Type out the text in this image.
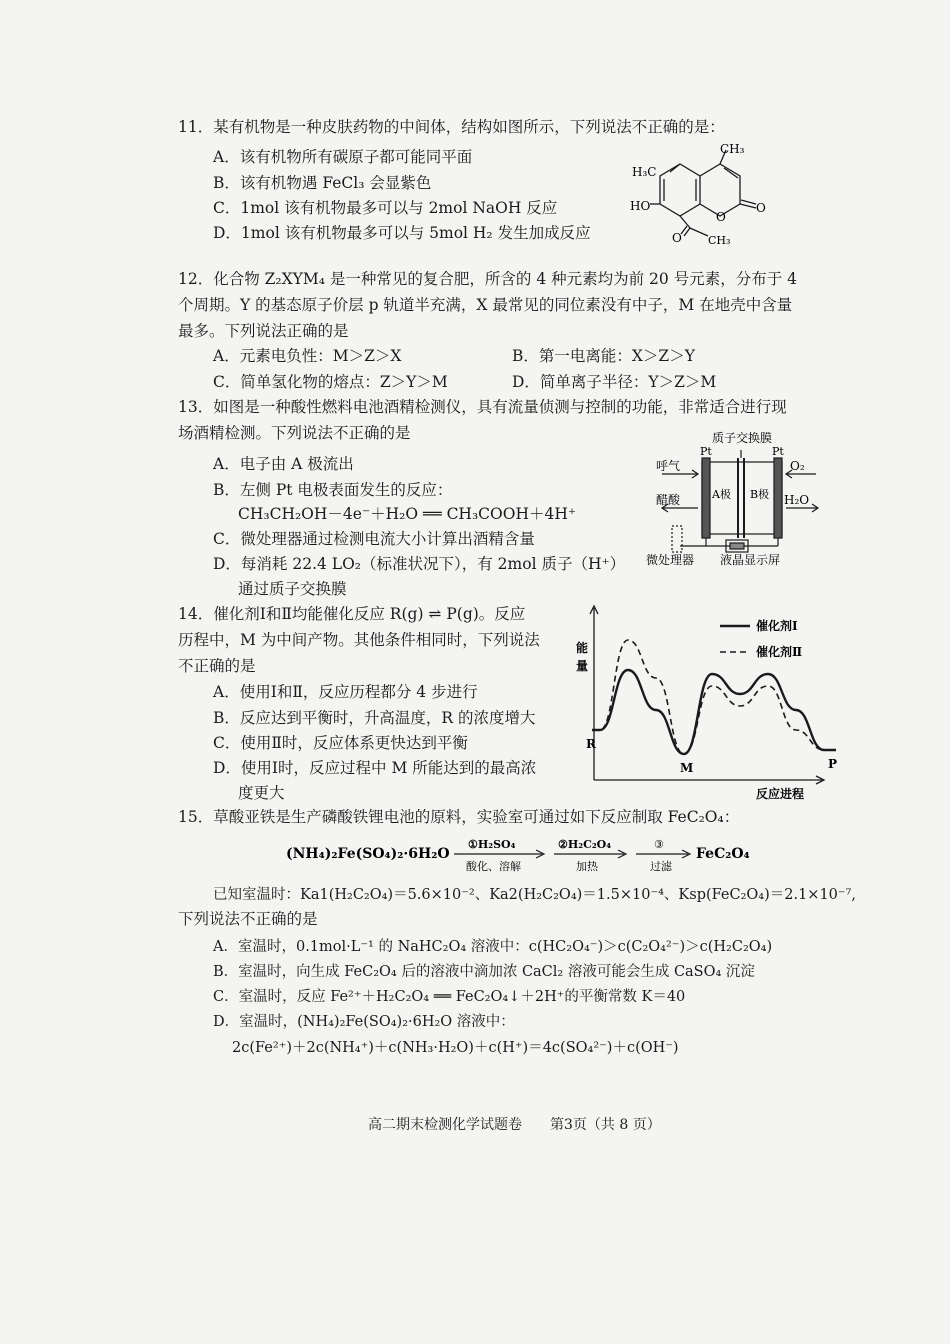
11．某有机物是一种皮肤药物的中间体，结构如图所示，下列说法不正确的是：
A．该有机物所有碳原子都可能同平面
B．该有机物遇 FeCl₃ 会显紫色
C．1mol 该有机物最多可以与 2mol NaOH 反应
D．1mol 该有机物最多可以与 5mol H₂ 发生加成反应
CH₃
H₃C
HO
O
O
O CH₃
12．化合物 Z₂XYM₄ 是一种常见的复合肥，所含的 4 种元素均为前 20 号元素，分布于 4
个周期。Y 的基态原子价层 p 轨道半充满，X 最常见的同位素没有中子，M 在地壳中含量
最多。下列说法正确的是
A．元素电负性：M＞Z＞X	B．第一电离能：X＞Z＞Y
C．简单氢化物的熔点：Z＞Y＞M	D．简单离子半径：Y＞Z＞M
13．如图是一种酸性燃料电池酒精检测仪，具有流量侦测与控制的功能，非常适合进行现
场酒精检测。下列说法不正确的是
A．电子由 A 极流出
B．左侧 Pt 电极表面发生的反应：
CH₃CH₂OH－4e⁻＋H₂O ══ CH₃COOH＋4H⁺
C．微处理器通过检测电流大小计算出酒精含量
D．每消耗 22.4 LO₂（标准状况下），有 2mol 质子（H⁺）
通过质子交换膜
质子交换膜
Pt	Pt
呼气	O₂
醋酸	H₂O
A极 B极
微处理器 液晶显示屏
14．催化剂Ⅰ和Ⅱ均能催化反应 R(g) ⇌ P(g)。反应
历程中，M 为中间产物。其他条件相同时，下列说法
不正确的是
A．使用Ⅰ和Ⅱ，反应历程都分 4 步进行
B．反应达到平衡时，升高温度，R 的浓度增大
C．使用Ⅱ时，反应体系更快达到平衡
D．使用Ⅰ时，反应过程中 M 所能达到的最高浓
度更大
能
量
反应进程
催化剂Ⅰ
催化剂Ⅱ
R
M	P
15．草酸亚铁是生产磷酸铁锂电池的原料，实验室可通过如下反应制取 FeC₂O₄：
(NH₄)₂Fe(SO₄)₂·6H₂O
①H₂SO₄
酸化、溶解
②H₂C₂O₄
加热
③
过滤
FeC₂O₄
已知室温时：Ka1(H₂C₂O₄)＝5.6×10⁻²、Ka2(H₂C₂O₄)＝1.5×10⁻⁴、Ksp(FeC₂O₄)＝2.1×10⁻⁷,
下列说法不正确的是
A．室温时，0.1mol·L⁻¹ 的 NaHC₂O₄ 溶液中：c(HC₂O₄⁻)＞c(C₂O₄²⁻)＞c(H₂C₂O₄)
B．室温时，向生成 FeC₂O₄ 后的溶液中滴加浓 CaCl₂ 溶液可能会生成 CaSO₄ 沉淀
C．室温时，反应 Fe²⁺＋H₂C₂O₄ ══ FeC₂O₄↓＋2H⁺的平衡常数 K＝40
D．室温时，(NH₄)₂Fe(SO₄)₂·6H₂O 溶液中：
2c(Fe²⁺)＋2c(NH₄⁺)＋c(NH₃·H₂O)＋c(H⁺)＝4c(SO₄²⁻)＋c(OH⁻)
高二期末检测化学试题卷　　第3页（共 8 页）
